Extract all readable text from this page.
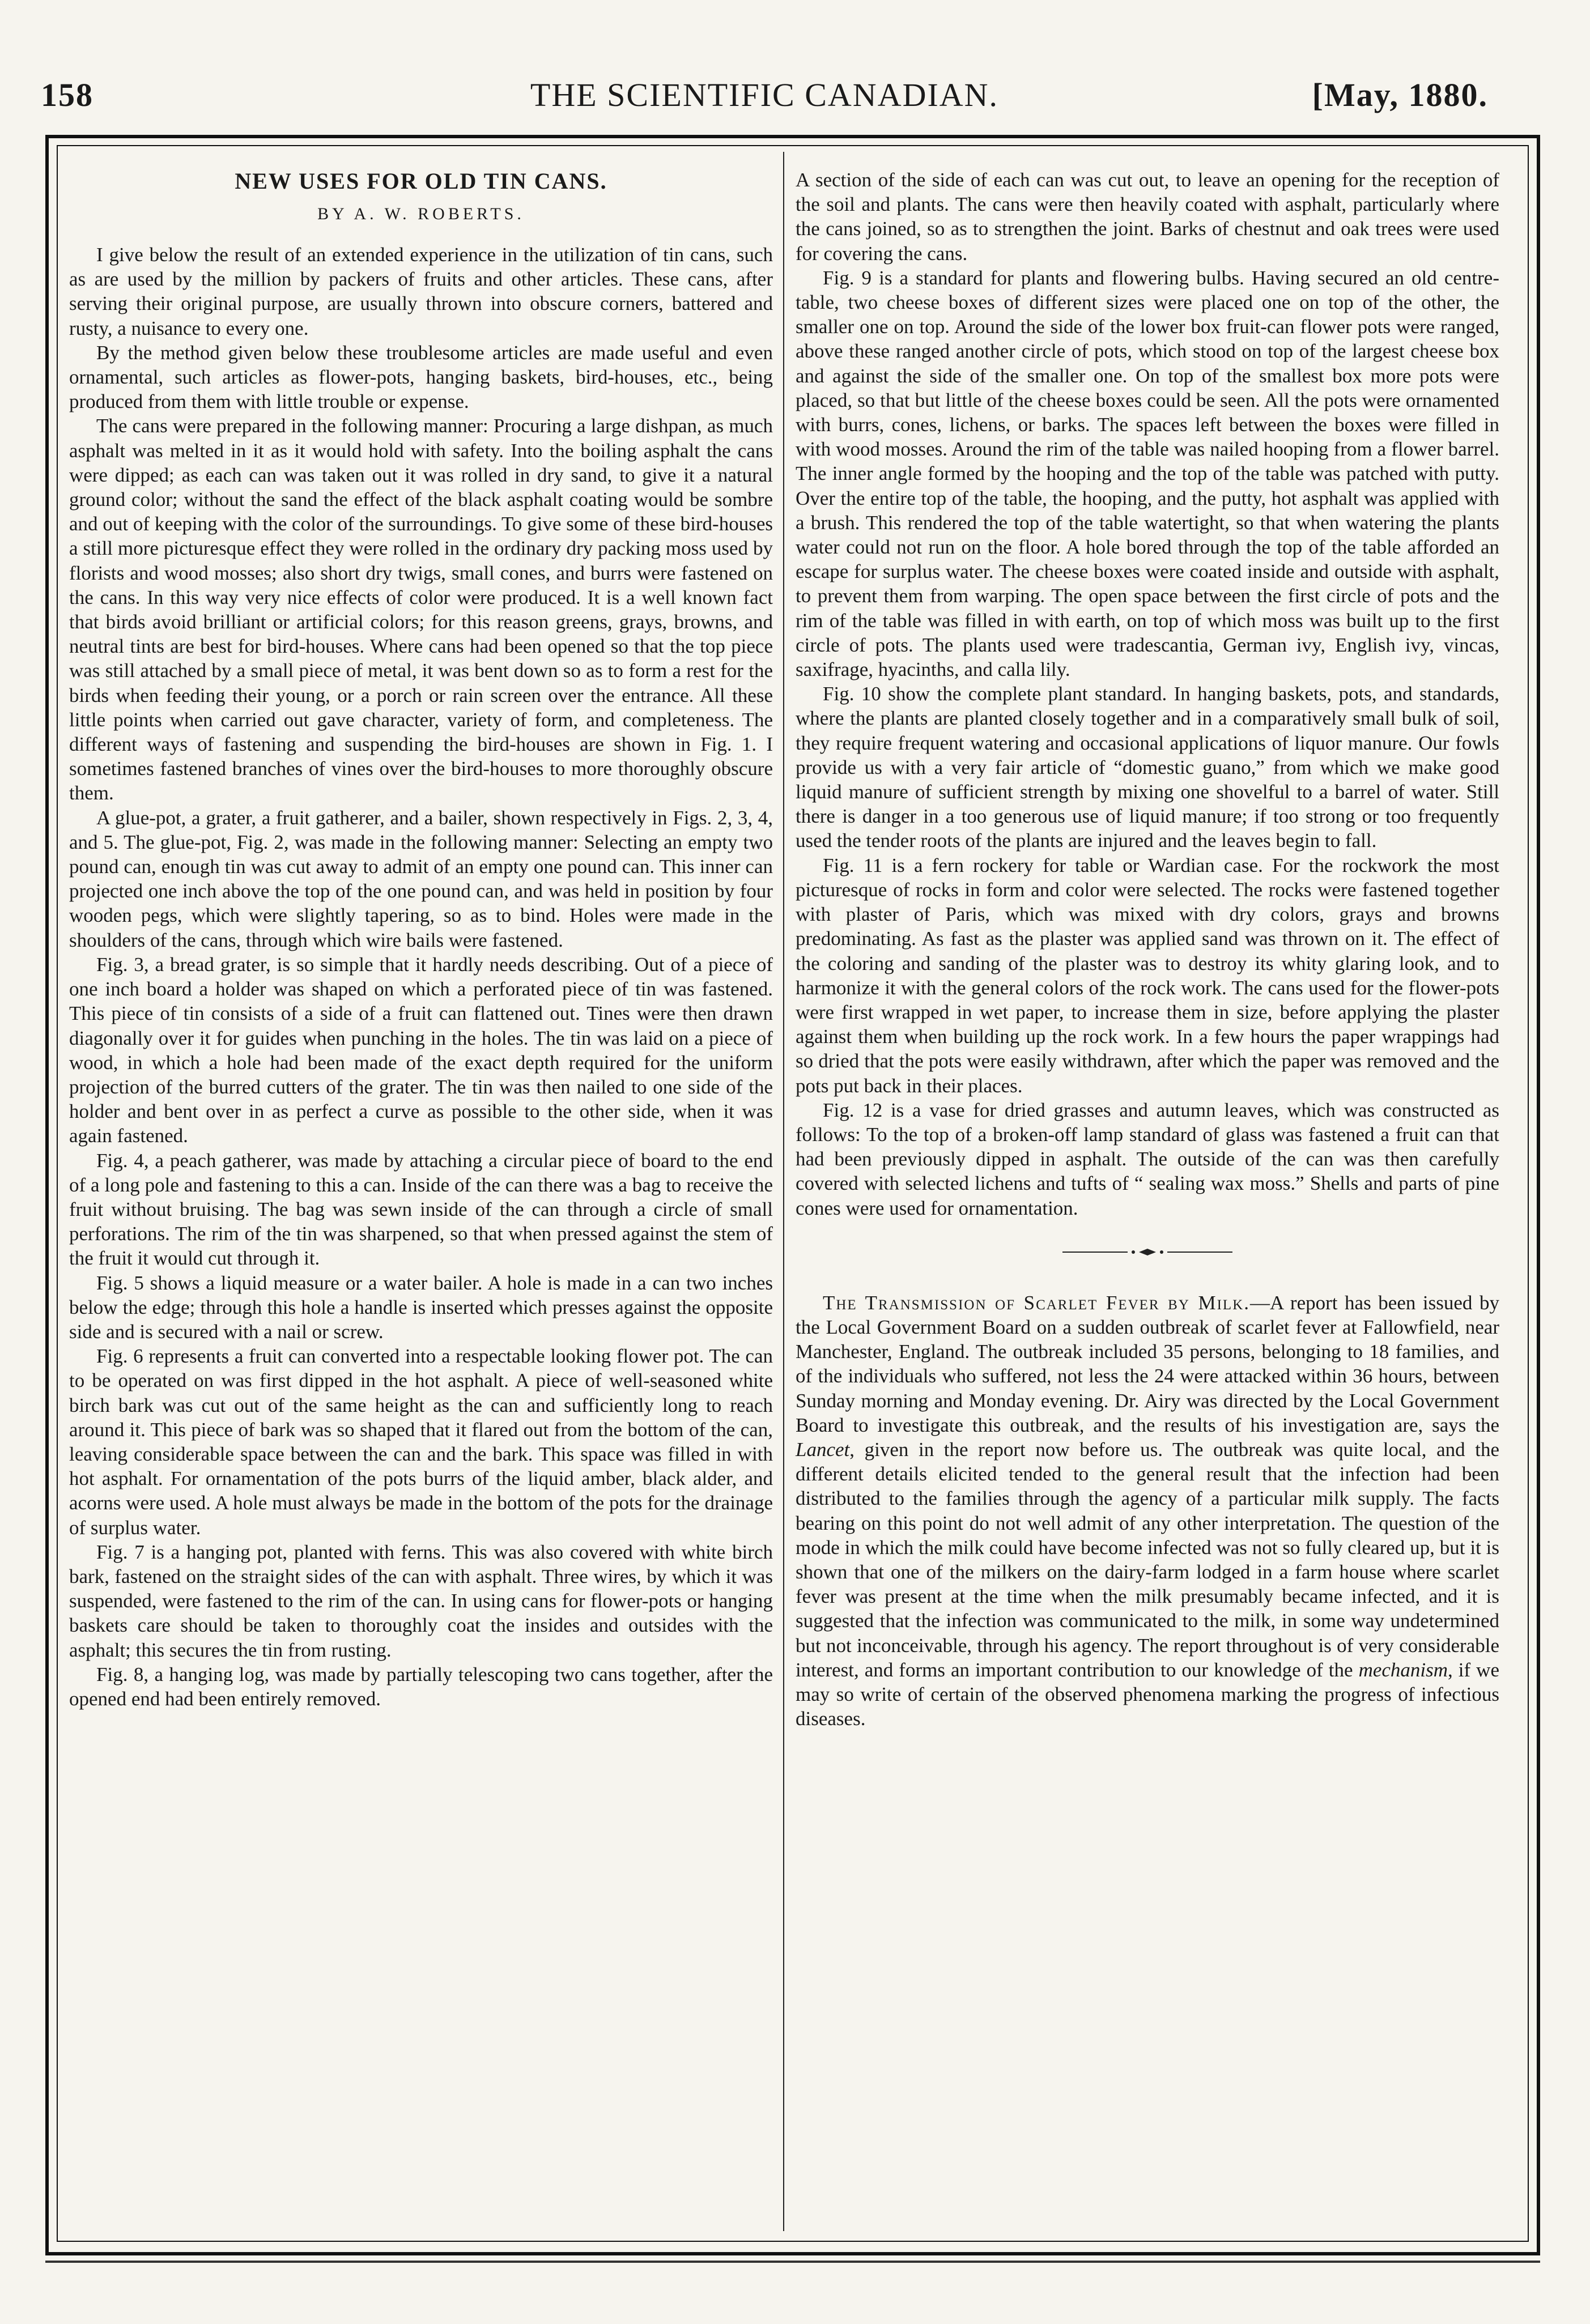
158	THE SCIENTIFIC CANADIAN.	[May, 1880.
NEW USES FOR OLD TIN CANS.
BY A. W. ROBERTS.

I give below the result of an extended experience in the utilization of tin cans, such as are used by the million by packers of fruits and other articles. These cans, after serving their original purpose, are usually thrown into obscure corners, battered and rusty, a nuisance to every one.

By the method given below these troublesome articles are made useful and even ornamental, such articles as flower-pots, hanging baskets, bird-houses, etc., being produced from them with little trouble or expense.

The cans were prepared in the following manner: Procuring a large dishpan, as much asphalt was melted in it as it would hold with safety. Into the boiling asphalt the cans were dipped; as each can was taken out it was rolled in dry sand, to give it a natural ground color; without the sand the effect of the black asphalt coating would be sombre and out of keeping with the color of the surroundings. To give some of these bird-houses a still more picturesque effect they were rolled in the ordinary dry packing moss used by florists and wood mosses; also short dry twigs, small cones, and burrs were fastened on the cans. In this way very nice effects of color were produced. It is a well known fact that birds avoid brilliant or artificial colors; for this reason greens, grays, browns, and neutral tints are best for bird-houses. Where cans had been opened so that the top piece was still attached by a small piece of metal, it was bent down so as to form a rest for the birds when feeding their young, or a porch or rain screen over the entrance. All these little points when carried out gave character, variety of form, and completeness. The different ways of fastening and suspending the bird-houses are shown in Fig. 1. I sometimes fastened branches of vines over the bird-houses to more thoroughly obscure them.

A glue-pot, a grater, a fruit gatherer, and a bailer, shown respectively in Figs. 2, 3, 4, and 5. The glue-pot, Fig. 2, was made in the following manner: Selecting an empty two pound can, enough tin was cut away to admit of an empty one pound can. This inner can projected one inch above the top of the one pound can, and was held in position by four wooden pegs, which were slightly tapering, so as to bind. Holes were made in the shoulders of the cans, through which wire bails were fastened.

Fig. 3, a bread grater, is so simple that it hardly needs describing. Out of a piece of one inch board a holder was shaped on which a perforated piece of tin was fastened. This piece of tin consists of a side of a fruit can flattened out. Tines were then drawn diagonally over it for guides when punching in the holes. The tin was laid on a piece of wood, in which a hole had been made of the exact depth required for the uniform projection of the burred cutters of the grater. The tin was then nailed to one side of the holder and bent over in as perfect a curve as possible to the other side, when it was again fastened.

Fig. 4, a peach gatherer, was made by attaching a circular piece of board to the end of a long pole and fastening to this a can. Inside of the can there was a bag to receive the fruit without bruising. The bag was sewn inside of the can through a circle of small perforations. The rim of the tin was sharpened, so that when pressed against the stem of the fruit it would cut through it.

Fig. 5 shows a liquid measure or a water bailer. A hole is made in a can two inches below the edge; through this hole a handle is inserted which presses against the opposite side and is secured with a nail or screw.

Fig. 6 represents a fruit can converted into a respectable looking flower pot. The can to be operated on was first dipped in the hot asphalt. A piece of well-seasoned white birch bark was cut out of the same height as the can and sufficiently long to reach around it. This piece of bark was so shaped that it flared out from the bottom of the can, leaving considerable space between the can and the bark. This space was filled in with hot asphalt. For ornamentation of the pots burrs of the liquid amber, black alder, and acorns were used. A hole must always be made in the bottom of the pots for the drainage of surplus water.

Fig. 7 is a hanging pot, planted with ferns. This was also covered with white birch bark, fastened on the straight sides of the can with asphalt. Three wires, by which it was suspended, were fastened to the rim of the can. In using cans for flower-pots or hanging baskets care should be taken to thoroughly coat the insides and outsides with the asphalt; this secures the tin from rusting.

Fig. 8, a hanging log, was made by partially telescoping two cans together, after the opened end had been entirely removed.

A section of the side of each can was cut out, to leave an opening for the reception of the soil and plants. The cans were then heavily coated with asphalt, particularly where the cans joined, so as to strengthen the joint. Barks of chestnut and oak trees were used for covering the cans.

Fig. 9 is a standard for plants and flowering bulbs. Having secured an old centre-table, two cheese boxes of different sizes were placed one on top of the other, the smaller one on top. Around the side of the lower box fruit-can flower pots were ranged, above these ranged another circle of pots, which stood on top of the largest cheese box and against the side of the smaller one. On top of the smallest box more pots were placed, so that but little of the cheese boxes could be seen. All the pots were ornamented with burrs, cones, lichens, or barks. The spaces left between the boxes were filled in with wood mosses. Around the rim of the table was nailed hooping from a flower barrel. The inner angle formed by the hooping and the top of the table was patched with putty. Over the entire top of the table, the hooping, and the putty, hot asphalt was applied with a brush. This rendered the top of the table watertight, so that when watering the plants water could not run on the floor. A hole bored through the top of the table afforded an escape for surplus water. The cheese boxes were coated inside and outside with asphalt, to prevent them from warping. The open space between the first circle of pots and the rim of the table was filled in with earth, on top of which moss was built up to the first circle of pots. The plants used were tradescantia, German ivy, English ivy, vincas, saxifrage, hyacinths, and calla lily.

Fig. 10 show the complete plant standard. In hanging baskets, pots, and standards, where the plants are planted closely together and in a comparatively small bulk of soil, they require frequent watering and occasional applications of liquor manure. Our fowls provide us with a very fair article of “domestic guano,” from which we make good liquid manure of sufficient strength by mixing one shovelful to a barrel of water. Still there is danger in a too generous use of liquid manure; if too strong or too frequently used the tender roots of the plants are injured and the leaves begin to fall.

Fig. 11 is a fern rockery for table or Wardian case. For the rockwork the most picturesque of rocks in form and color were selected. The rocks were fastened together with plaster of Paris, which was mixed with dry colors, grays and browns predominating. As fast as the plaster was applied sand was thrown on it. The effect of the coloring and sanding of the plaster was to destroy its whity glaring look, and to harmonize it with the general colors of the rock work. The cans used for the flower-pots were first wrapped in wet paper, to increase them in size, before applying the plaster against them when building up the rock work. In a few hours the paper wrappings had so dried that the pots were easily withdrawn, after which the paper was removed and the pots put back in their places.

Fig. 12 is a vase for dried grasses and autumn leaves, which was constructed as follows: To the top of a broken-off lamp standard of glass was fastened a fruit can that had been previously dipped in asphalt. The outside of the can was then carefully covered with selected lichens and tufts of “ sealing wax moss.” Shells and parts of pine cones were used for ornamentation.

The Transmission of Scarlet Fever by Milk.—A report has been issued by the Local Government Board on a sudden outbreak of scarlet fever at Fallowfield, near Manchester, England. The outbreak included 35 persons, belonging to 18 families, and of the individuals who suffered, not less the 24 were attacked within 36 hours, between Sunday morning and Monday evening. Dr. Airy was directed by the Local Government Board to investigate this outbreak, and the results of his investigation are, says the Lancet, given in the report now before us. The outbreak was quite local, and the different details elicited tended to the general result that the infection had been distributed to the families through the agency of a particular milk supply. The facts bearing on this point do not well admit of any other interpretation. The question of the mode in which the milk could have become infected was not so fully cleared up, but it is shown that one of the milkers on the dairy-farm lodged in a farm house where scarlet fever was present at the time when the milk presumably became infected, and it is suggested that the infection was communicated to the milk, in some way undetermined but not inconceivable, through his agency. The report throughout is of very considerable interest, and forms an important contribution to our knowledge of the mechanism, if we may so write of certain of the observed phenomena marking the progress of infectious diseases.
